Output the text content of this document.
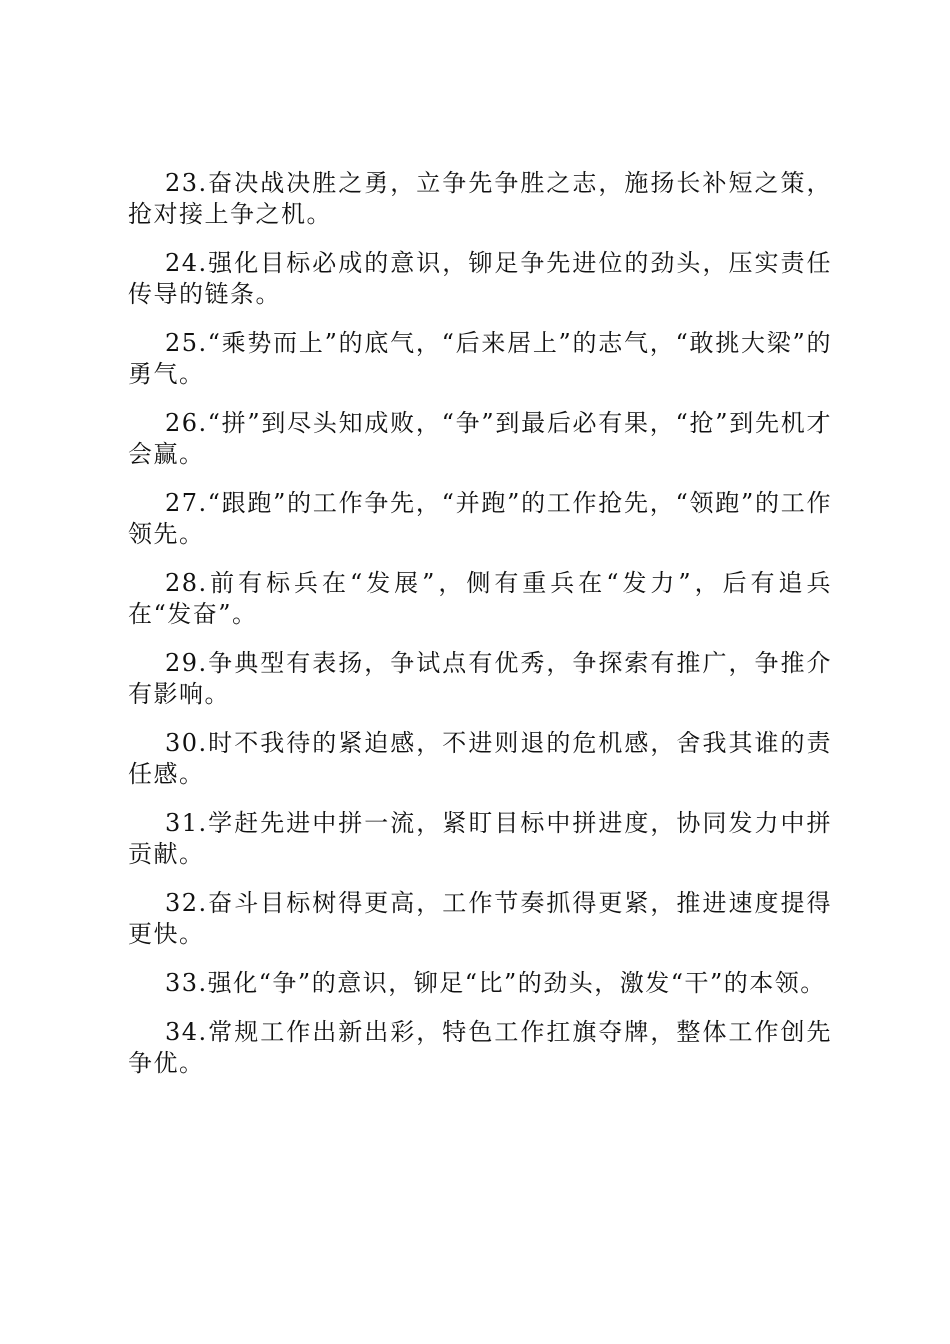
23.奋决战决胜之勇，立争先争胜之志，施扬长补短之策，抢对接上争之机。

24.强化目标必成的意识，铆足争先进位的劲头，压实责任传导的链条。

25.“乘势而上”的底气，“后来居上”的志气，“敢挑大梁”的勇气。

26.“拼”到尽头知成败，“争”到最后必有果，“抢”到先机才会赢。

27.“跟跑”的工作争先，“并跑”的工作抢先，“领跑”的工作领先。

28.前有标兵在“发展”，侧有重兵在“发力”，后有追兵在“发奋”。

29.争典型有表扬，争试点有优秀，争探索有推广，争推介有影响。

30.时不我待的紧迫感，不进则退的危机感，舍我其谁的责任感。

31.学赶先进中拼一流，紧盯目标中拼进度，协同发力中拼贡献。

32.奋斗目标树得更高，工作节奏抓得更紧，推进速度提得更快。

33.强化“争”的意识，铆足“比”的劲头，激发“干”的本领。

34.常规工作出新出彩，特色工作扛旗夺牌，整体工作创先争优。
